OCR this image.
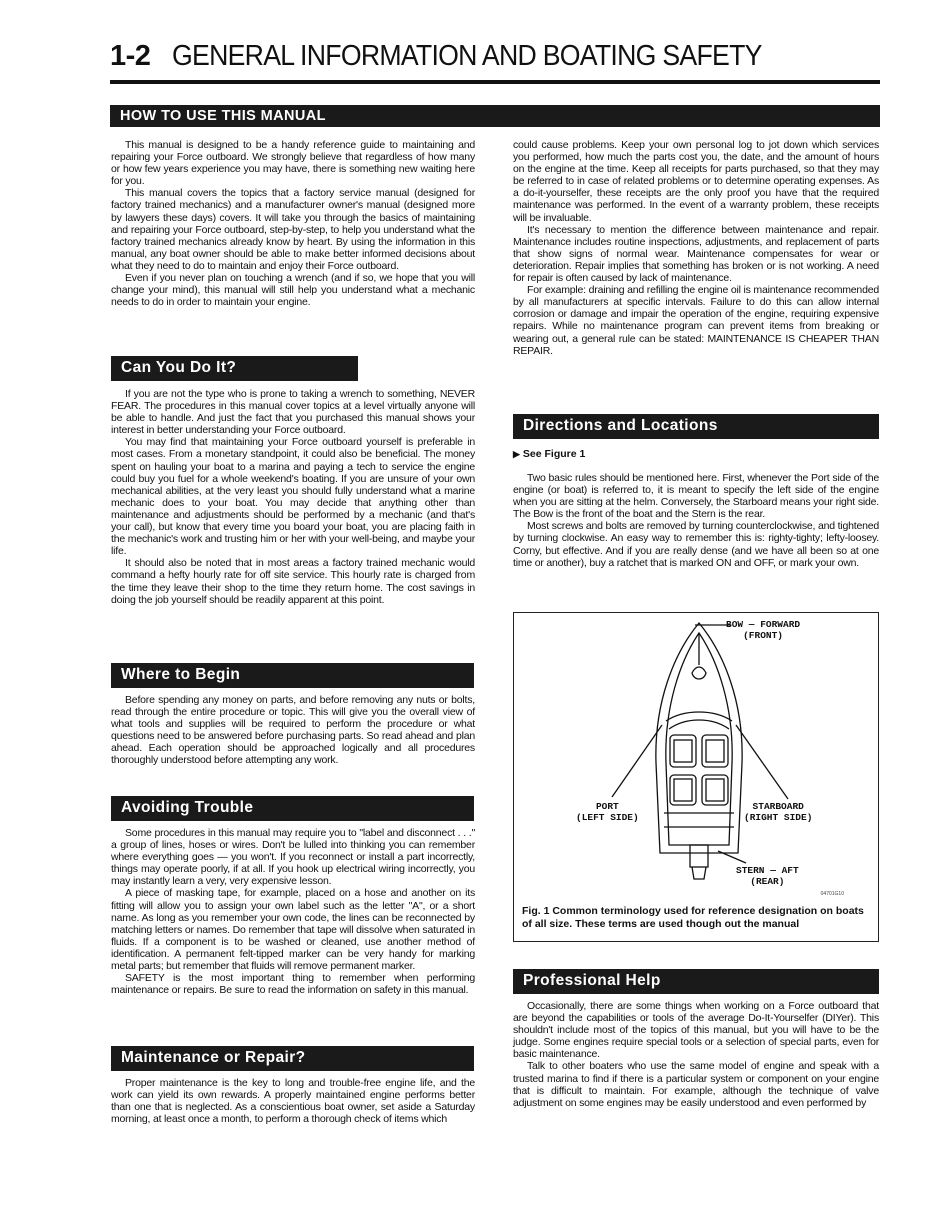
1-2 GENERAL INFORMATION AND BOATING SAFETY
HOW TO USE THIS MANUAL

This manual is designed to be a handy reference guide to maintaining and repairing your Force outboard. We strongly believe that regardless of how many or how few years experience you may have, there is something new waiting here for you.

This manual covers the topics that a factory service manual (designed for factory trained mechanics) and a manufacturer owner's manual (designed more by lawyers these days) covers. It will take you through the basics of maintaining and repairing your Force outboard, step-by-step, to help you understand what the factory trained mechanics already know by heart. By using the information in this manual, any boat owner should be able to make better informed decisions about what they need to do to maintain and enjoy their Force outboard.

Even if you never plan on touching a wrench (and if so, we hope that you will change your mind), this manual will still help you understand what a mechanic needs to do in order to maintain your engine.

Can You Do It?

If you are not the type who is prone to taking a wrench to something, NEVER FEAR. The procedures in this manual cover topics at a level virtually anyone will be able to handle. And just the fact that you purchased this manual shows your interest in better understanding your Force outboard.

You may find that maintaining your Force outboard yourself is preferable in most cases. From a monetary standpoint, it could also be beneficial. The money spent on hauling your boat to a marina and paying a tech to service the engine could buy you fuel for a whole weekend's boating. If you are unsure of your own mechanical abilities, at the very least you should fully understand what a marine mechanic does to your boat. You may decide that anything other than maintenance and adjustments should be performed by a mechanic (and that's your call), but know that every time you board your boat, you are placing faith in the mechanic's work and trusting him or her with your well-being, and maybe your life.

It should also be noted that in most areas a factory trained mechanic would command a hefty hourly rate for off site service. This hourly rate is charged from the time they leave their shop to the time they return home. The cost savings in doing the job yourself should be readily apparent at this point.

Where to Begin

Before spending any money on parts, and before removing any nuts or bolts, read through the entire procedure or topic. This will give you the overall view of what tools and supplies will be required to perform the procedure or what questions need to be answered before purchasing parts. So read ahead and plan ahead. Each operation should be approached logically and all procedures thoroughly understood before attempting any work.

Avoiding Trouble

Some procedures in this manual may require you to "label and disconnect . . ." a group of lines, hoses or wires. Don't be lulled into thinking you can remember where everything goes — you won't. If you reconnect or install a part incorrectly, things may operate poorly, if at all. If you hook up electrical wiring incorrectly, you may instantly learn a very, very expensive lesson.

A piece of masking tape, for example, placed on a hose and another on its fitting will allow you to assign your own label such as the letter "A", or a short name. As long as you remember your own code, the lines can be reconnected by matching letters or names. Do remember that tape will dissolve when saturated in fluids. If a component is to be washed or cleaned, use another method of identification. A permanent felt-tipped marker can be very handy for marking metal parts; but remember that fluids will remove permanent marker.

SAFETY is the most important thing to remember when performing maintenance or repairs. Be sure to read the information on safety in this manual.

Maintenance or Repair?

Proper maintenance is the key to long and trouble-free engine life, and the work can yield its own rewards. A properly maintained engine performs better than one that is neglected. As a conscientious boat owner, set aside a Saturday morning, at least once a month, to perform a thorough check of items which

could cause problems. Keep your own personal log to jot down which services you performed, how much the parts cost you, the date, and the amount of hours on the engine at the time. Keep all receipts for parts purchased, so that they may be referred to in case of related problems or to determine operating expenses. As a do-it-yourselfer, these receipts are the only proof you have that the required maintenance was performed. In the event of a warranty problem, these receipts will be invaluable.

It's necessary to mention the difference between maintenance and repair. Maintenance includes routine inspections, adjustments, and replacement of parts that show signs of normal wear. Maintenance compensates for wear or deterioration. Repair implies that something has broken or is not working. A need for repair is often caused by lack of maintenance.

For example: draining and refilling the engine oil is maintenance recommended by all manufacturers at specific intervals. Failure to do this can allow internal corrosion or damage and impair the operation of the engine, requiring expensive repairs. While no maintenance program can prevent items from breaking or wearing out, a general rule can be stated: MAINTENANCE IS CHEAPER THAN REPAIR.

Directions and Locations
▶ See Figure 1

Two basic rules should be mentioned here. First, whenever the Port side of the engine (or boat) is referred to, it is meant to specify the left side of the engine when you are sitting at the helm. Conversely, the Starboard means your right side. The Bow is the front of the boat and the Stern is the rear.

Most screws and bolts are removed by turning counterclockwise, and tightened by turning clockwise. An easy way to remember this is: righty-tighty; lefty-loosey. Corny, but effective. And if you are really dense (and we have all been so at one time or another), buy a ratchet that is marked ON and OFF, or mark your own.

BOW — FORWARD
(FRONT)
PORT
(LEFT SIDE)
STARBOARD
(RIGHT SIDE)
STERN — AFT
(REAR)
04701G10
Fig. 1 Common terminology used for reference designation on boats of all size. These terms are used though out the manual
Professional Help

Occasionally, there are some things when working on a Force outboard that are beyond the capabilities or tools of the average Do-It-Yourselfer (DIYer). This shouldn't include most of the topics of this manual, but you will have to be the judge. Some engines require special tools or a selection of special parts, even for basic maintenance.

Talk to other boaters who use the same model of engine and speak with a trusted marina to find if there is a particular system or component on your engine that is difficult to maintain. For example, although the technique of valve adjustment on some engines may be easily understood and even performed by
